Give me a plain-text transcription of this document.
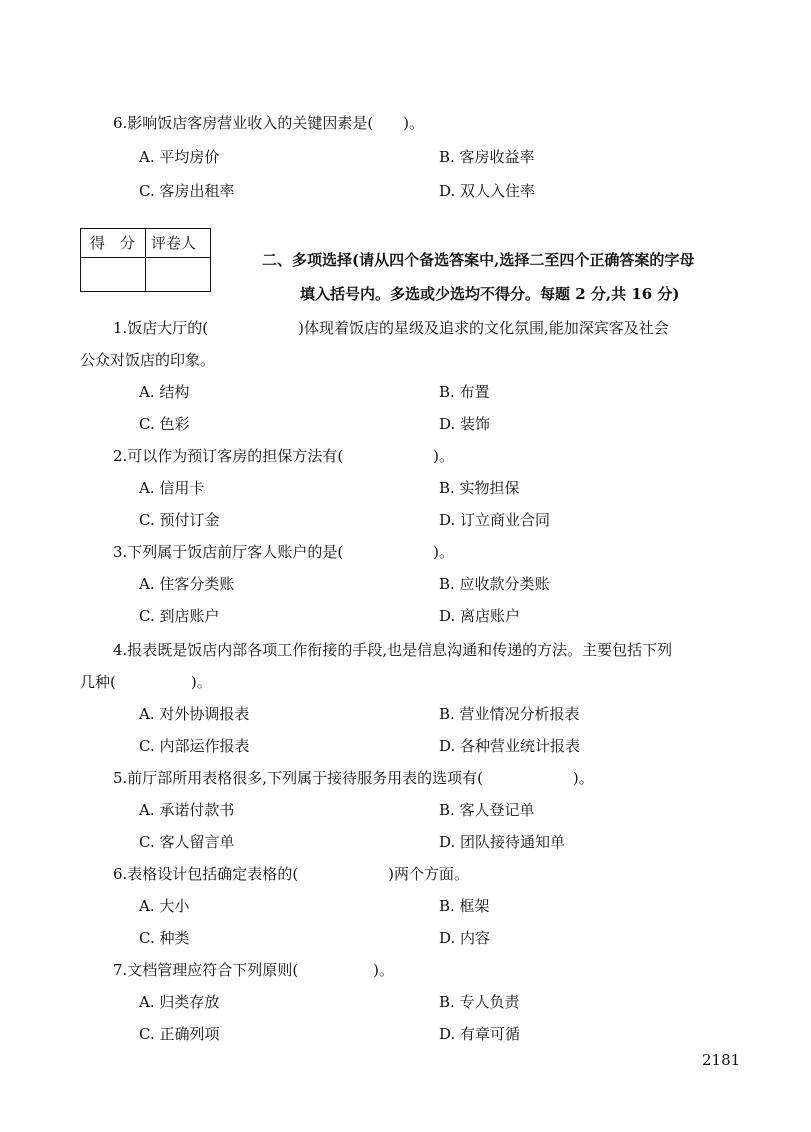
6.影响饭店客房营业收入的关键因素是(　　)。
A. 平均房价	B. 客房收益率
C. 客房出租率	D. 双人入住率
得　分 评卷人
二、多项选择(请从四个备选答案中,选择二至四个正确答案的字母
填入括号内。多选或少选均不得分。每题 2 分,共 16 分)
1.饭店大厅的(　　　　　　)体现着饭店的星级及追求的文化氛围,能加深宾客及社会
公众对饭店的印象。
A. 结构	B. 布置
C. 色彩	D. 装饰
2.可以作为预订客房的担保方法有(　　　　　　)。
A. 信用卡	B. 实物担保
C. 预付订金	D. 订立商业合同
3.下列属于饭店前厅客人账户的是(　　　　　　)。
A. 住客分类账	B. 应收款分类账
C. 到店账户	D. 离店账户
4.报表既是饭店内部各项工作衔接的手段,也是信息沟通和传递的方法。主要包括下列
几种(　　　　　)。
A. 对外协调报表	B. 营业情况分析报表
C. 内部运作报表	D. 各种营业统计报表
5.前厅部所用表格很多,下列属于接待服务用表的选项有(　　　　　　)。
A. 承诺付款书	B. 客人登记单
C. 客人留言单	D. 团队接待通知单
6.表格设计包括确定表格的(　　　　　　)两个方面。
A. 大小	B. 框架
C. 种类	D. 内容
7.文档管理应符合下列原则(　　　　　)。
A. 归类存放	B. 专人负责
C. 正确列项	D. 有章可循
2181
